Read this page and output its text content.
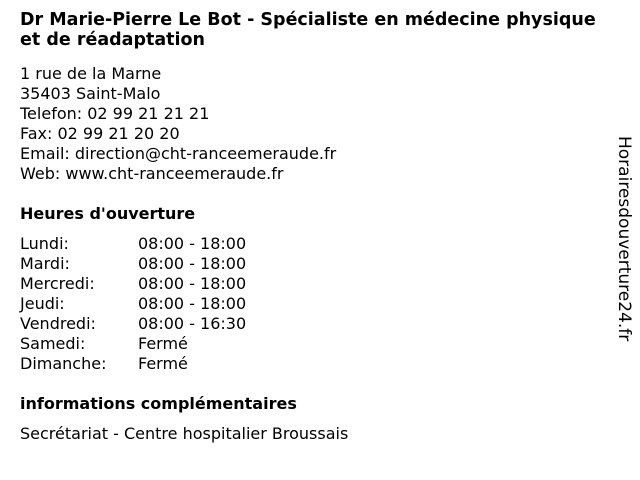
Dr Marie-Pierre Le Bot - Spécialiste en médecine physique et de réadaptation
1 rue de la Marne
35403 Saint-Malo
Telefon: 02 99 21 21 21
Fax: 02 99 21 20 20
Email: direction@cht-ranceemeraude.fr
Web: www.cht-ranceemeraude.fr
Heures d'ouverture
Lundi:	08:00 - 18:00
Mardi:	08:00 - 18:00
Mercredi:	08:00 - 18:00
Jeudi:	08:00 - 18:00
Vendredi:	08:00 - 16:30
Samedi:	Fermé
Dimanche: Fermé
informations complémentaires
Secrétariat - Centre hospitalier Broussais
Horairesdouverture24.fr
